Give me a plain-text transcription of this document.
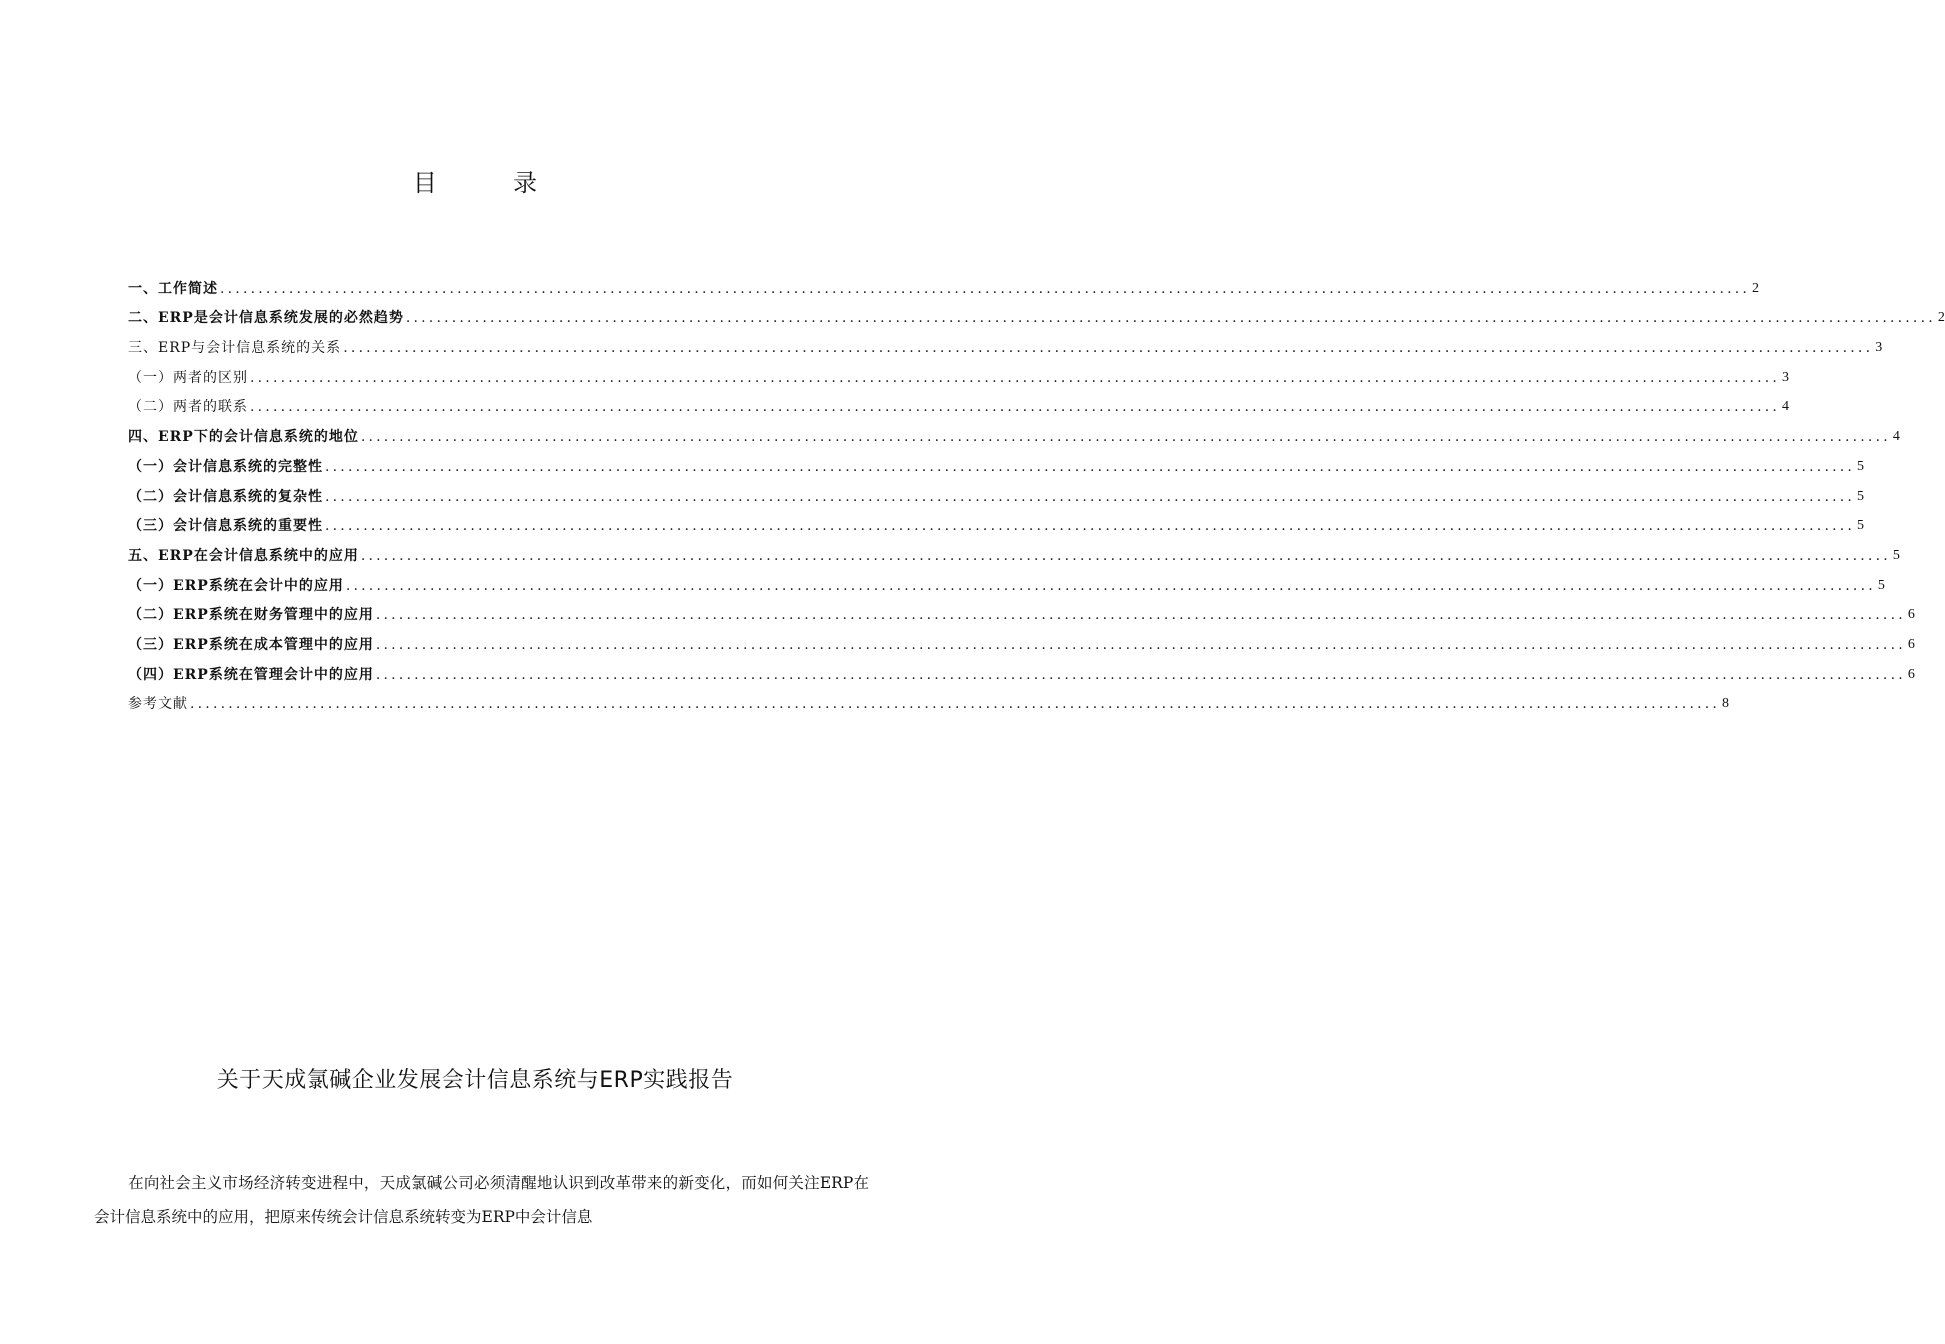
目          录
一、工作简述 ........................................................................................................................................................................................................ 2
二、ERP是会计信息系统发展的必然趋势 ........................................................................................................................................................................................................ 2
三、ERP与会计信息系统的关系 ........................................................................................................................................................................................................ 3
（一）两者的区别 ........................................................................................................................................................................................................ 3
（二）两者的联系 ........................................................................................................................................................................................................ 4
四、ERP下的会计信息系统的地位 ........................................................................................................................................................................................................ 4
（一）会计信息系统的完整性 ........................................................................................................................................................................................................ 5
（二）会计信息系统的复杂性 ........................................................................................................................................................................................................ 5
（三）会计信息系统的重要性 ........................................................................................................................................................................................................ 5
五、ERP在会计信息系统中的应用 ........................................................................................................................................................................................................ 5
（一）ERP系统在会计中的应用 ........................................................................................................................................................................................................ 5
（二）ERP系统在财务管理中的应用 ........................................................................................................................................................................................................ 6
（三）ERP系统在成本管理中的应用 ........................................................................................................................................................................................................ 6
（四）ERP系统在管理会计中的应用 ........................................................................................................................................................................................................ 6
参考文献 ........................................................................................................................................................................................................ 8
关于天成氯碱企业发展会计信息系统与ERP实践报告

在向社会主义市场经济转变进程中，天成氯碱公司必须清醒地认识到改革带来的新变化，而如何关注ERP在会计信息系统中的应用，把原来传统会计信息系统转变为ERP中会计信息
